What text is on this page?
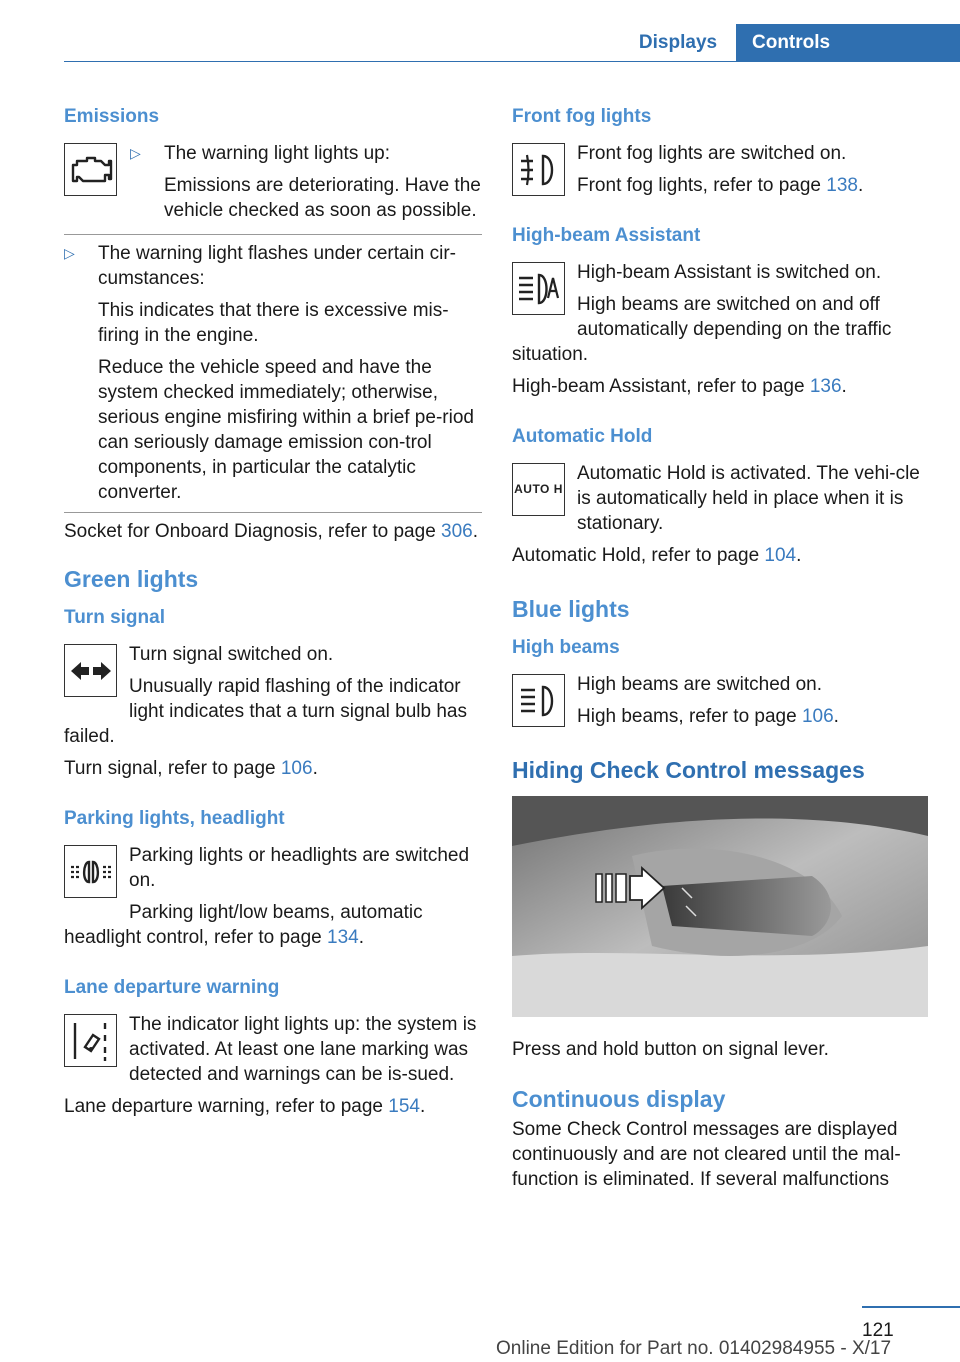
Displays	Controls
Emissions

▷ The warning light lights up:

Emissions are deteriorating. Have the vehicle checked as soon as possible.

▷ The warning light flashes under certain cir‐cumstances:

This indicates that there is excessive mis‐firing in the engine.

Reduce the vehicle speed and have the system checked immediately; otherwise, serious engine misfiring within a brief pe‐riod can seriously damage emission con‐trol components, in particular the catalytic converter.

Socket for Onboard Diagnosis, refer to page 306.

Green lights
Turn signal

Turn signal switched on.

Unusually rapid flashing of the indicator light indicates that a turn signal bulb has failed.

Turn signal, refer to page 106.

Parking lights, headlight

Parking lights or headlights are switched on.

Parking light/low beams, automatic headlight control, refer to page 134.

Lane departure warning

The indicator light lights up: the system is activated. At least one lane marking was detected and warnings can be is‐sued.

Lane departure warning, refer to page 154.

Front fog lights

Front fog lights are switched on.

Front fog lights, refer to page 138.

High-beam Assistant

High-beam Assistant is switched on.

High beams are switched on and off automatically depending on the traffic situation.

High-beam Assistant, refer to page 136.

Automatic Hold
AUTO H

Automatic Hold is activated. The vehi‐cle is automatically held in place when it is stationary.

Automatic Hold, refer to page 104.

Blue lights
High beams

High beams are switched on.

High beams, refer to page 106.

Hiding Check Control messages

Press and hold button on signal lever.

Continuous display

Some Check Control messages are displayed continuously and are not cleared until the mal‐function is eliminated. If several malfunctions

121
Online Edition for Part no. 01402984955 - X/17
